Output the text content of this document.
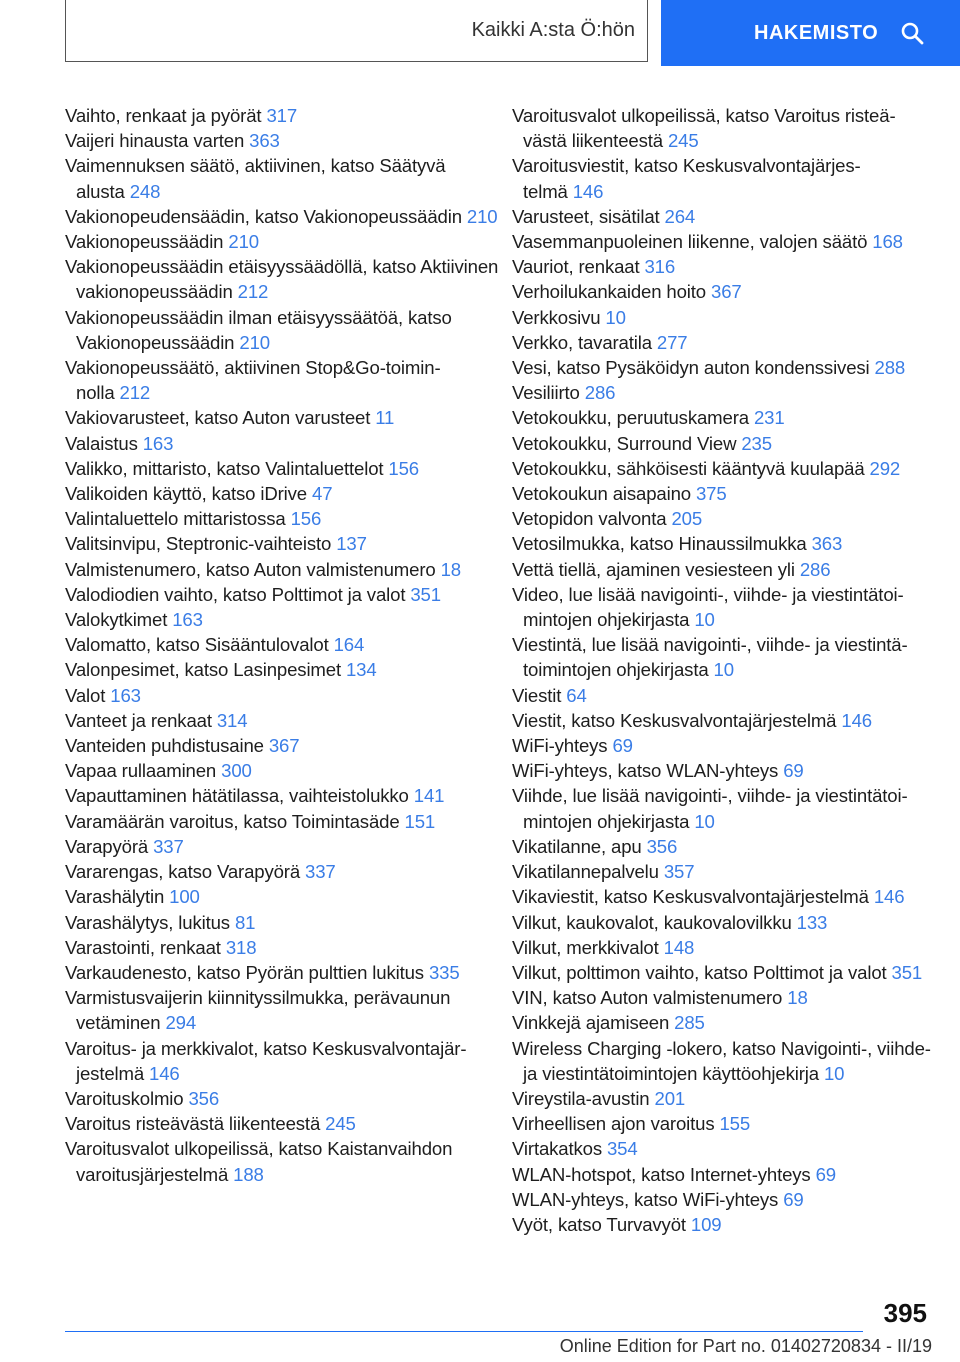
Kaikki A:sta Ö:hön	HAKEMISTO
Vaihto, renkaat ja pyörät 317
Vaijeri hinausta varten 363
Vaimennuksen säätö, aktiivinen, katso Säätyvä alusta 248
Vakionopeudensäädin, katso Vakionopeussäädin 210
Vakionopeussäädin 210
Vakionopeussäädin etäisyyssäädöllä, katso Aktiivinen vakionopeussäädin 212
Vakionopeussäädin ilman etäisyyssäätöä, katso Vakionopeussäädin 210
Vakionopeussäätö, aktiivinen Stop&Go-toiminnolla 212
Vakiovarusteet, katso Auton varusteet 11
Valaistus 163
Valikko, mittaristo, katso Valintaluettelot 156
Valikoiden käyttö, katso iDrive 47
Valintaluettelo mittaristossa 156
Valitsinvipu, Steptronic-vaihteisto 137
Valmistenumero, katso Auton valmistenumero 18
Valodiodien vaihto, katso Polttimot ja valot 351
Valokytkimet 163
Valomatto, katso Sisääntulovalot 164
Valonpesimet, katso Lasinpesimet 134
Valot 163
Vanteet ja renkaat 314
Vanteiden puhdistusaine 367
Vapaa rullaaminen 300
Vapauttaminen hätätilassa, vaihteistolukko 141
Varamäärän varoitus, katso Toimintasäde 151
Varapyörä 337
Vararengas, katso Varapyörä 337
Varashälytin 100
Varashälytys, lukitus 81
Varastointi, renkaat 318
Varkaudenesto, katso Pyörän pulttien lukitus 335
Varmistusvaijerin kiinnityssilmukka, perävaunun vetäminen 294
Varoitus- ja merkkivalot, katso Keskusvalvontajärjestelmä 146
Varoituskolmio 356
Varoitus risteävästä liikenteestä 245
Varoitusvalot ulkopeilissä, katso Kaistanvaihdon varoitusjärjestelmä 188
Varoitusvalot ulkopeilissä, katso Varoitus risteävästä liikenteestä 245
Varoitusviestit, katso Keskusvalvontajärjestelmä 146
Varusteet, sisätilat 264
Vasemmanpuoleinen liikenne, valojen säätö 168
Vauriot, renkaat 316
Verhoilukankaiden hoito 367
Verkkosivu 10
Verkko, tavaratila 277
Vesi, katso Pysäköidyn auton kondenssivesi 288
Vesiliirto 286
Vetokoukku, peruutuskamera 231
Vetokoukku, Surround View 235
Vetokoukku, sähköisesti kääntyvä kuulapää 292
Vetokoukun aisapaino 375
Vetopidon valvonta 205
Vetosilmukka, katso Hinaussilmukka 363
Vettä tiellä, ajaminen vesiesteen yli 286
Video, lue lisää navigointi-, viihde- ja viestintätoimintojen ohjekirjasta 10
Viestintä, lue lisää navigointi-, viihde- ja viestintätoimintojen ohjekirjasta 10
Viestit 64
Viestit, katso Keskusvalvontajärjestelmä 146
WiFi-yhteys 69
WiFi-yhteys, katso WLAN-yhteys 69
Viihde, lue lisää navigointi-, viihde- ja viestintätoimintojen ohjekirjasta 10
Vikatilanne, apu 356
Vikatilannepalvelu 357
Vikaviestit, katso Keskusvalvontajärjestelmä 146
Vilkut, kaukovalot, kaukovalovilkku 133
Vilkut, merkkivalot 148
Vilkut, polttimon vaihto, katso Polttimot ja valot 351
VIN, katso Auton valmistenumero 18
Vinkkejä ajamiseen 285
Wireless Charging -lokero, katso Navigointi-, viihde- ja viestintätoimintojen käyttöohjekirja 10
Vireystila-avustin 201
Virheellisen ajon varoitus 155
Virtakatkos 354
WLAN-hotspot, katso Internet-yhteys 69
WLAN-yhteys, katso WiFi-yhteys 69
Vyöt, katso Turvavyöt 109
395
Online Edition for Part no. 01402720834 - II/19
